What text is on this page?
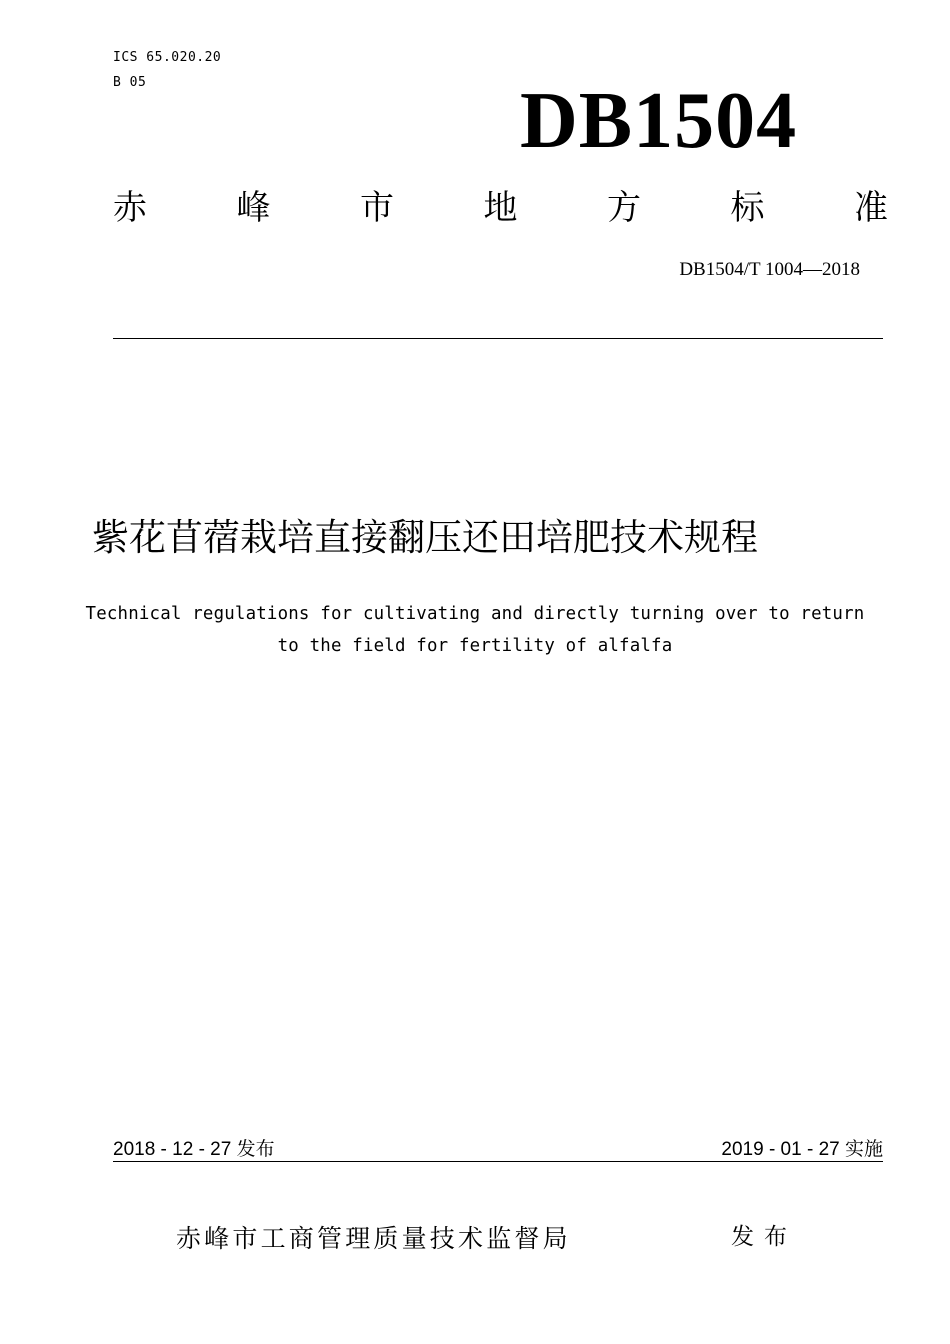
ICS 65.020.20
B 05	DB1504
赤	峰	市	地	方	标	准
DB1504/T 1004—2018
紫花苜蓿栽培直接翻压还田培肥技术规程
Technical regulations for cultivating and directly turning over to return
to the field for fertility of alfalfa
2018 - 12 - 27 发布	2019 - 01 - 27 实施
赤峰市工商管理质量技术监督局	发布
